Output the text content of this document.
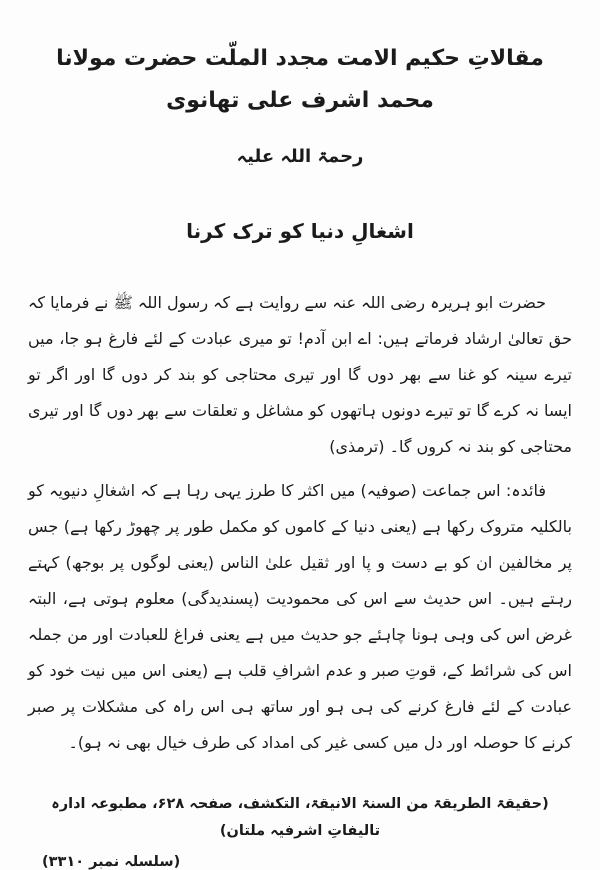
مقالاتِ حکیم الامت مجدد الملّت حضرت مولانا محمد اشرف علی تھانوی
رحمۃ اللہ علیہ
اشغالِ دنیا کو ترک کرنا

حضرت ابو ہریرہ رضی اللہ عنہ سے روایت ہے کہ رسول اللہ ﷺ نے فرمایا کہ حق تعالیٰ ارشاد فرماتے ہیں: اے ابن آدم! تو میری عبادت کے لئے فارغ ہو جا، میں تیرے سینہ کو غنا سے بھر دوں گا اور تیری محتاجی کو بند کر دوں گا اور اگر تو ایسا نہ کرے گا تو تیرے دونوں ہاتھوں کو مشاغل و تعلقات سے بھر دوں گا اور تیری محتاجی کو بند نہ کروں گا۔ (ترمذی)

فائدہ: اس جماعت (صوفیہ) میں اکثر کا طرز یہی رہا ہے کہ اشغالِ دنیویہ کو بالکلیہ متروک رکھا ہے (یعنی دنیا کے کاموں کو مکمل طور پر چھوڑ رکھا ہے) جس پر مخالفین ان کو بے دست و پا اور ثقیل علیٰ الناس (یعنی لوگوں پر بوجھ) کہتے رہتے ہیں۔ اس حدیث سے اس کی محمودیت (پسندیدگی) معلوم ہوتی ہے، البتہ غرض اس کی وہی ہونا چاہئے جو حدیث میں ہے یعنی فراغ للعبادت اور من جملہ اس کی شرائط کے، قوتِ صبر و عدم اشرافِ قلب ہے (یعنی اس میں نیت خود کو عبادت کے لئے فارغ کرنے کی ہی ہو اور ساتھ ہی اس راہ کی مشکلات پر صبر کرنے کا حوصلہ اور دل میں کسی غیر کی امداد کی طرف خیال بھی نہ ہو)۔

(حقیقۃ الطریقۃ من السنۃ الانیقۃ، التکشف، صفحہ ۶۲۸، مطبوعہ ادارہ تالیفاتِ اشرفیہ ملتان)
(سلسلہ نمبر ۳۳۱۰)
